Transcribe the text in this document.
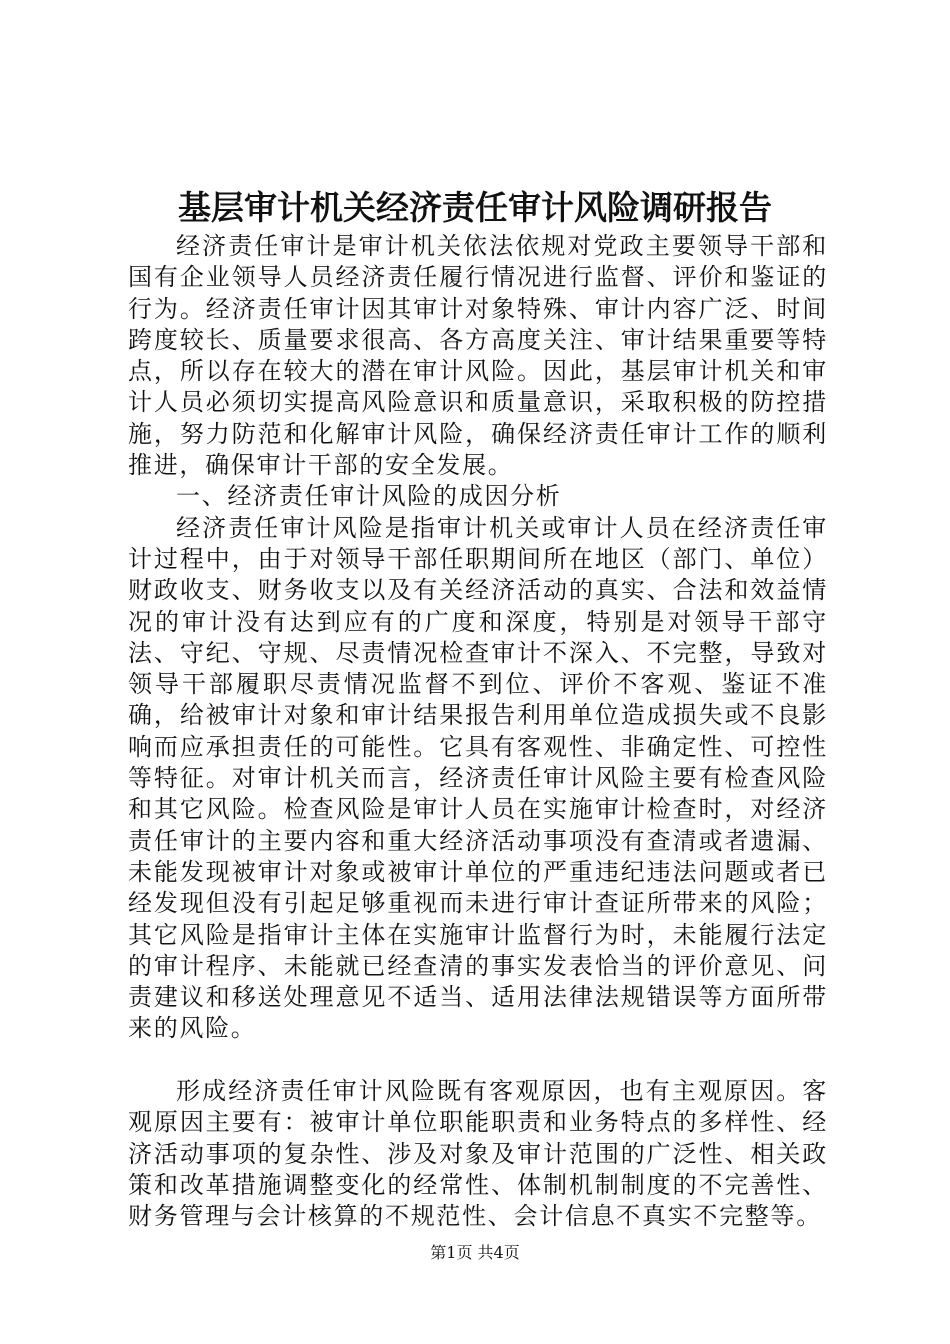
基层审计机关经济责任审计风险调研报告

经济责任审计是审计机关依法依规对党政主要领导干部和国有企业领导人员经济责任履行情况进行监督、评价和鉴证的行为。经济责任审计因其审计对象特殊、审计内容广泛、时间跨度较长、质量要求很高、各方高度关注、审计结果重要等特点，所以存在较大的潜在审计风险。因此，基层审计机关和审计人员必须切实提高风险意识和质量意识，采取积极的防控措施，努力防范和化解审计风险，确保经济责任审计工作的顺利推进，确保审计干部的安全发展。

一、经济责任审计风险的成因分析

经济责任审计风险是指审计机关或审计人员在经济责任审计过程中，由于对领导干部任职期间所在地区（部门、单位）财政收支、财务收支以及有关经济活动的真实、合法和效益情况的审计没有达到应有的广度和深度，特别是对领导干部守法、守纪、守规、尽责情况检查审计不深入、不完整，导致对领导干部履职尽责情况监督不到位、评价不客观、鉴证不准确，给被审计对象和审计结果报告利用单位造成损失或不良影响而应承担责任的可能性。它具有客观性、非确定性、可控性等特征。对审计机关而言，经济责任审计风险主要有检查风险和其它风险。检查风险是审计人员在实施审计检查时，对经济责任审计的主要内容和重大经济活动事项没有查清或者遗漏、未能发现被审计对象或被审计单位的严重违纪违法问题或者已经发现但没有引起足够重视而未进行审计查证所带来的风险；其它风险是指审计主体在实施审计监督行为时，未能履行法定的审计程序、未能就已经查清的事实发表恰当的评价意见、问责建议和移送处理意见不适当、适用法律法规错误等方面所带来的风险。

形成经济责任审计风险既有客观原因，也有主观原因。客观原因主要有：被审计单位职能职责和业务特点的多样性、经济活动事项的复杂性、涉及对象及审计范围的广泛性、相关政策和改革措施调整变化的经常性、体制机制制度的不完善性、财务管理与会计核算的不规范性、会计信息不真实不完整等。

第1页 共4页
